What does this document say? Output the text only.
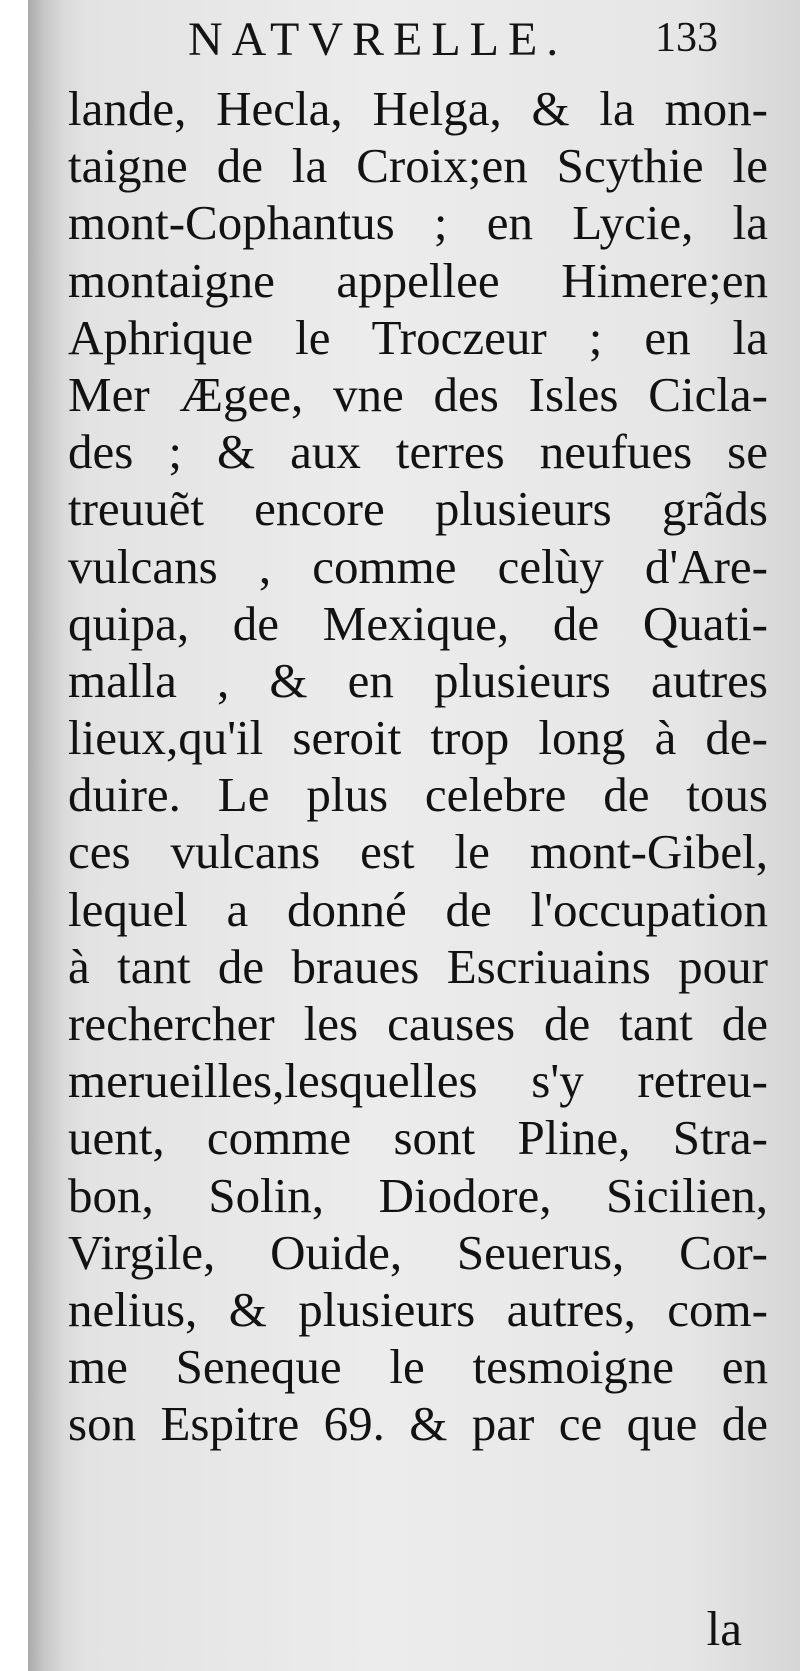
NATVRELLE. 133
lande, Hecla, Helga, & la mon-
taigne de la Croix;en Scythie le
mont-Cophantus ; en Lycie, la
montaigne appellee Himere;en
Aphrique le Troczeur ; en la
Mer Ægee, vne des Isles Cicla-
des ; & aux terres neufues se
treuuẽt encore plusieurs grãds
vulcans , comme celùy d'Are-
quipa, de Mexique, de Quati-
malla , & en plusieurs autres
lieux,qu'il seroit trop long à de-
duire. Le plus celebre de tous
ces vulcans est le mont-Gibel,
lequel a donné de l'occupation
à tant de braues Escriuains pour
rechercher les causes de tant de
merueilles,lesquelles s'y retreu-
uent, comme sont Pline, Stra-
bon, Solin, Diodore, Sicilien,
Virgile, Ouide, Seuerus, Cor-
nelius, & plusieurs autres, com-
me Seneque le tesmoigne en
son Espitre 69. & par ce que de
la
